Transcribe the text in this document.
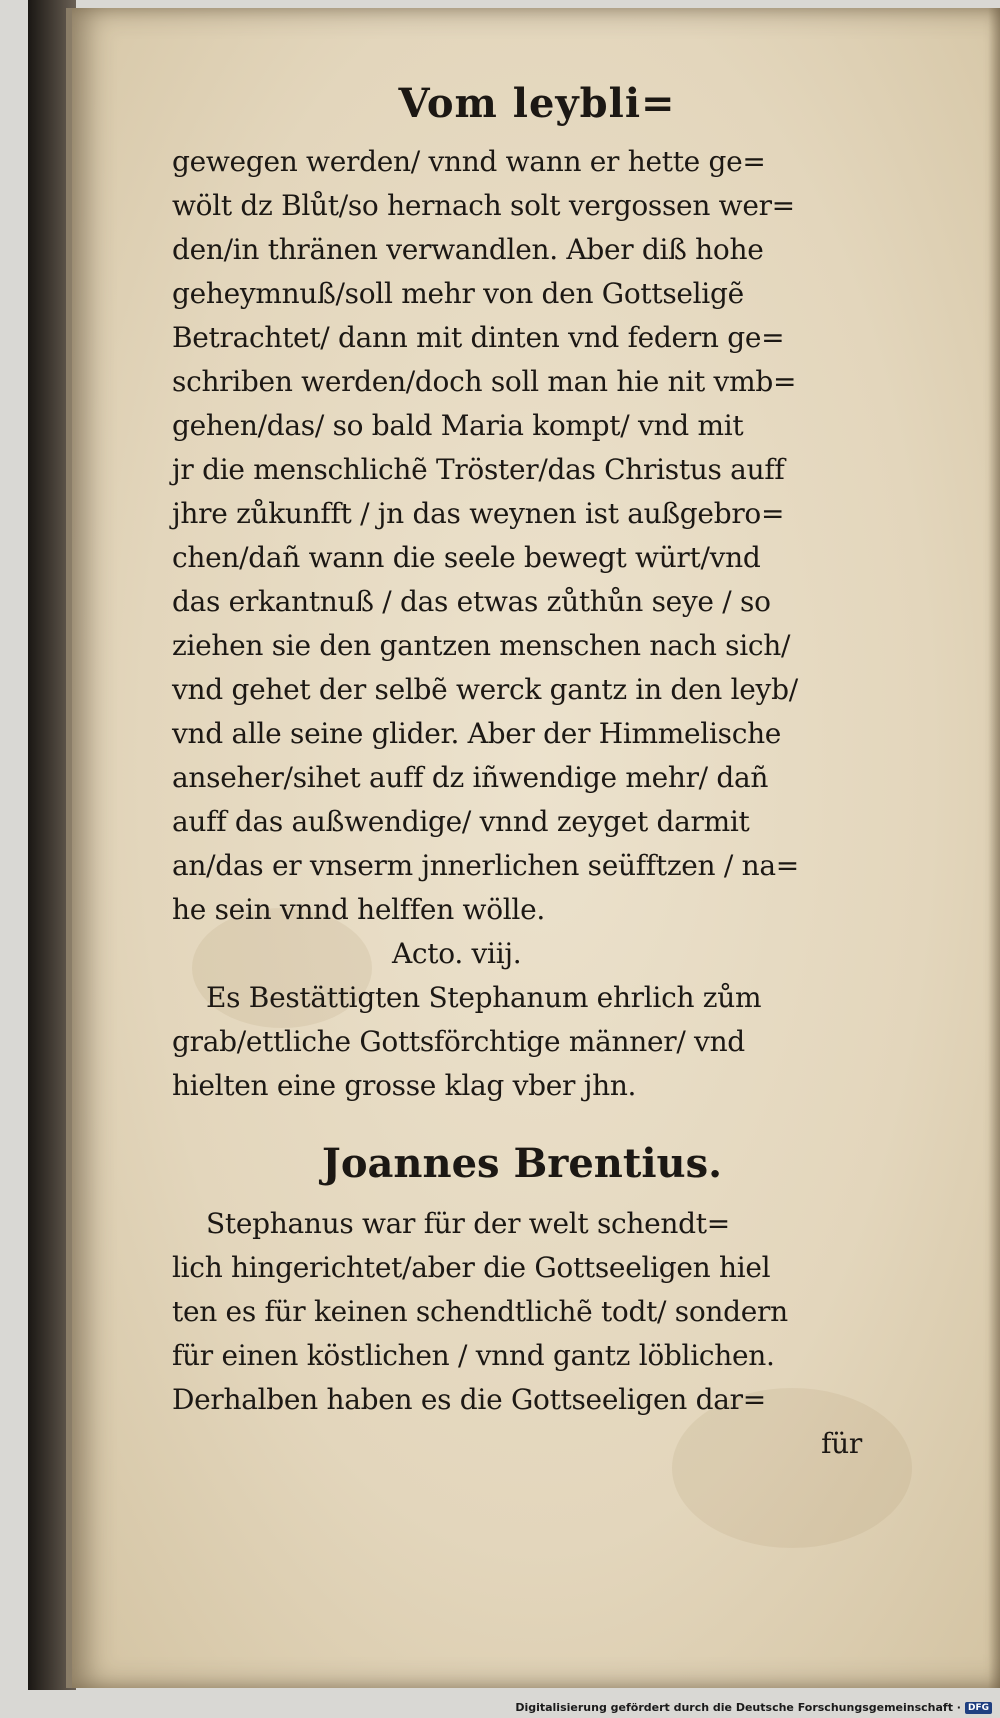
Vom leybli=
gewegen werden/ vnnd wann er hette ge=
wölt dz Blůt/so hernach solt vergossen wer=
den/in thränen verwandlen. Aber diß hohe
geheymnuß/soll mehr von den Gottseligẽ
Betrachtet/ dann mit dinten vnd federn ge=
schriben werden/doch soll man hie nit vmb=
gehen/das/ so bald Maria kompt/ vnd mit
jr die menschlichẽ Tröster/das Christus auff
jhre zůkunfft / jn das weynen ist außgebro=
chen/dañ wann die seele bewegt würt/vnd
das erkantnuß / das etwas zůthůn seye / so
ziehen sie den gantzen menschen nach sich/
vnd gehet der selbẽ werck gantz in den leyb/
vnd alle seine glider. Aber der Himmelische
anseher/sihet auff dz iñwendige mehr/ dañ
auff das außwendige/ vnnd zeyget darmit
an/das er vnserm jnnerlichen seüfftzen / na=
he sein vnnd helffen wölle.
Acto. viij.
Es Bestättigten Stephanum ehrlich zům
grab/ettliche Gottsförchtige männer/ vnd
hielten eine grosse klag vber jhn.
Joannes Brentius.
Stephanus war für der welt schendt=
lich hingerichtet/aber die Gottseeligen hiel
ten es für keinen schendtlichẽ todt/ sondern
für einen köstlichen / vnnd gantz löblichen.
Derhalben haben es die Gottseeligen dar=
für
Digitalisierung gefördert durch die Deutsche Forschungsgemeinschaft · DFG
